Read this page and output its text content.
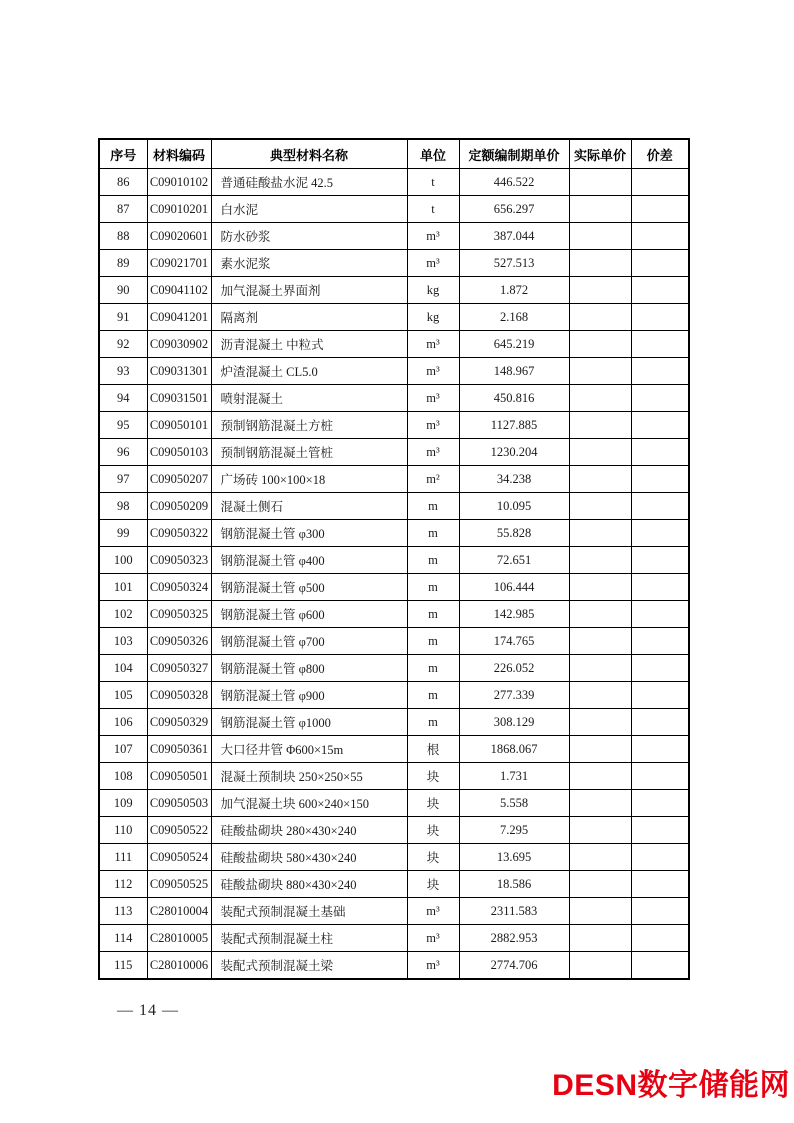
序号	材料编码	典型材料名称	单位	定额编制期单价	实际单价	价差
86	C09010102	普通硅酸盐水泥 42.5	t	446.522		
87	C09010201	白水泥	t	656.297		
88	C09020601	防水砂浆	m³	387.044		
89	C09021701	素水泥浆	m³	527.513		
90	C09041102	加气混凝土界面剂	kg	1.872		
91	C09041201	隔离剂	kg	2.168		
92	C09030902	沥青混凝土 中粒式	m³	645.219		
93	C09031301	炉渣混凝土 CL5.0	m³	148.967		
94	C09031501	喷射混凝土	m³	450.816		
95	C09050101	预制钢筋混凝土方桩	m³	1127.885		
96	C09050103	预制钢筋混凝土管桩	m³	1230.204		
97	C09050207	广场砖 100×100×18	m²	34.238		
98	C09050209	混凝土侧石	m	10.095		
99	C09050322	钢筋混凝土管 φ300	m	55.828		
100	C09050323	钢筋混凝土管 φ400	m	72.651		
101	C09050324	钢筋混凝土管 φ500	m	106.444		
102	C09050325	钢筋混凝土管 φ600	m	142.985		
103	C09050326	钢筋混凝土管 φ700	m	174.765		
104	C09050327	钢筋混凝土管 φ800	m	226.052		
105	C09050328	钢筋混凝土管 φ900	m	277.339		
106	C09050329	钢筋混凝土管 φ1000	m	308.129		
107	C09050361	大口径井管 Φ600×15m	根	1868.067		
108	C09050501	混凝土预制块 250×250×55	块	1.731		
109	C09050503	加气混凝土块 600×240×150	块	5.558		
110	C09050522	硅酸盐砌块 280×430×240	块	7.295		
111	C09050524	硅酸盐砌块 580×430×240	块	13.695		
112	C09050525	硅酸盐砌块 880×430×240	块	18.586		
113	C28010004	装配式预制混凝土基础	m³	2311.583		
114	C28010005	装配式预制混凝土柱	m³	2882.953		
115	C28010006	装配式预制混凝土梁	m³	2774.706		
— 14 —
DESN数字储能网
